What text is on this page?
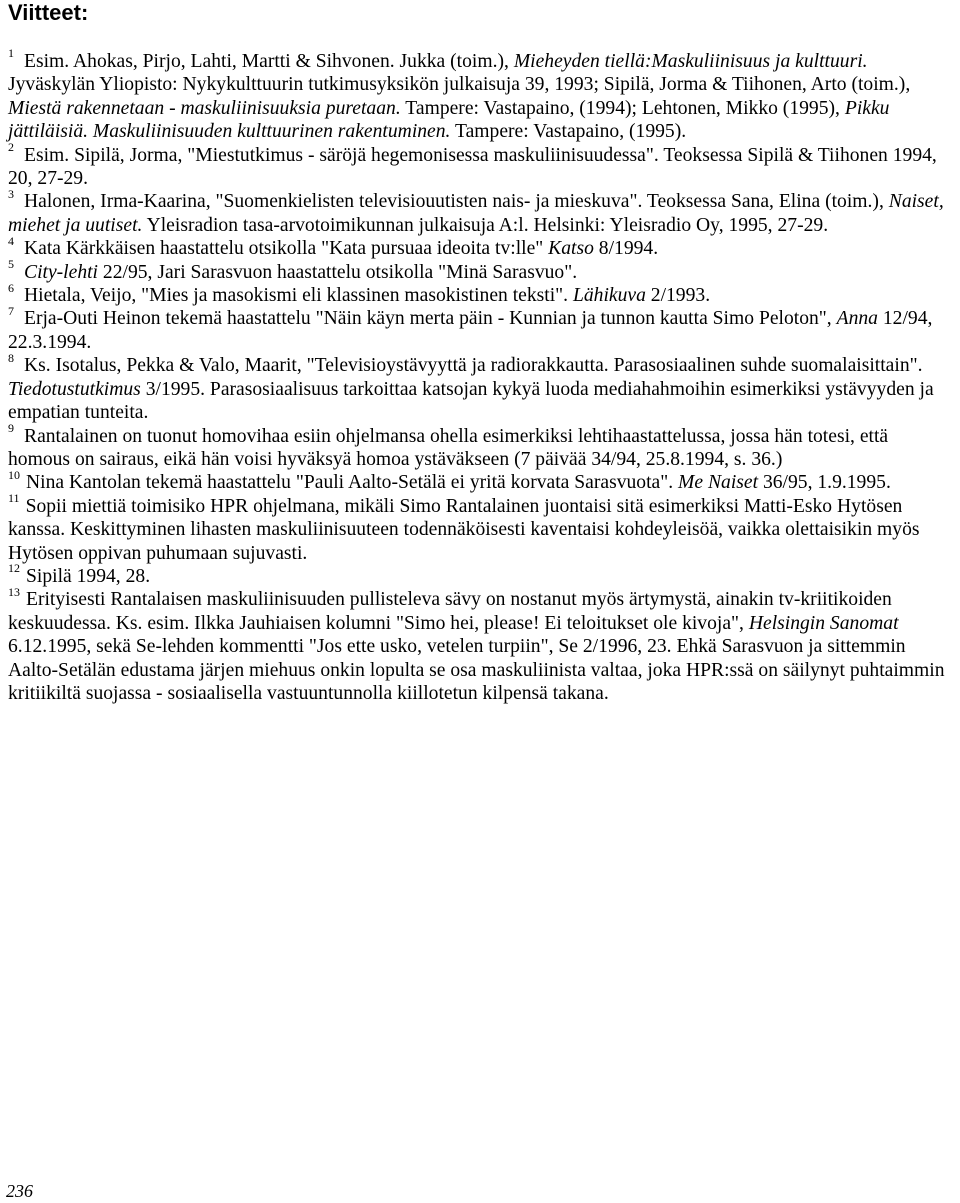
Viitteet:

$^1$ Esim. Ahokas, Pirjo, Lahti, Martti & Sihvonen. Jukka (toim.), Mieheyden tiellä:Maskuliinisuus ja kulttuuri. Jyväskylän Yliopisto: Nykykulttuurin tutkimusyksikön julkaisuja 39, 1993; Sipilä, Jorma & Tiihonen, Arto (toim.), Miestä rakennetaan - maskuliinisuuksia puretaan. Tampere: Vastapaino, (1994); Lehtonen, Mikko (1995), Pikku jättiläisiä. Maskuliinisuuden kulttuurinen rakentuminen. Tampere: Vastapaino, (1995).

$^2$ Esim. Sipilä, Jorma, "Miestutkimus - säröjä hegemonisessa maskuliinisuudessa". Teoksessa Sipilä & Tiihonen 1994, 20, 27-29.

$^3$ Halonen, Irma-Kaarina, "Suomenkielisten televisiouutisten nais- ja mieskuva". Teoksessa Sana, Elina (toim.), Naiset, miehet ja uutiset. Yleisradion tasa-arvotoimikunnan julkaisuja A:l. Helsinki: Yleisradio Oy, 1995, 27-29.

$^4$ Kata Kärkkäisen haastattelu otsikolla "Kata pursuaa ideoita tv:lle" Katso 8/1994.

$^5$ City-lehti 22/95, Jari Sarasvuon haastattelu otsikolla "Minä Sarasvuo".

$^6$ Hietala, Veijo, "Mies ja masokismi eli klassinen masokistinen teksti". Lähikuva 2/1993.

$^7$ Erja-Outi Heinon tekemä haastattelu "Näin käyn merta päin - Kunnian ja tunnon kautta Simo Peloton", Anna 12/94, 22.3.1994.

$^8$ Ks. Isotalus, Pekka & Valo, Maarit, "Televisioystävyyttä ja radiorakkautta. Parasosiaalinen suhde suomalaisittain". Tiedotustutkimus 3/1995. Parasosiaalisuus tarkoittaa katsojan kykyä luoda mediahahmoihin esimerkiksi ystävyyden ja empatian tunteita.

$^9$ Rantalainen on tuonut homovihaa esiin ohjelmansa ohella esimerkiksi lehtihaastattelussa, jossa hän totesi, että homous on sairaus, eikä hän voisi hyväksyä homoa ystäväkseen (7 päivää 34/94, 25.8.1994, s. 36.)

$^{10}$ Nina Kantolan tekemä haastattelu "Pauli Aalto-Setälä ei yritä korvata Sarasvuota". Me Naiset 36/95, 1.9.1995.

$^{11}$ Sopii miettiä toimisiko HPR ohjelmana, mikäli Simo Rantalainen juontaisi sitä esimerkiksi Matti-Esko Hytösen kanssa. Keskittyminen lihasten maskuliinisuuteen todennäköisesti kaventaisi kohdeyleisöä, vaikka olettaisikin myös Hytösen oppivan puhumaan sujuvasti.

$^{12}$ Sipilä 1994, 28.

$^{13}$ Erityisesti Rantalaisen maskuliinisuuden pullisteleva sävy on nostanut myös ärtymystä, ainakin tv-kriitikoiden keskuudessa. Ks. esim. Ilkka Jauhiaisen kolumni "Simo hei, please! Ei teloitukset ole kivoja", Helsingin Sanomat 6.12.1995, sekä Se-lehden kommentti "Jos ette usko, vetelen turpiin", Se 2/1996, 23. Ehkä Sarasvuon ja sittemmin Aalto-Setälän edustama järjen miehuus onkin lopulta se osa maskuliinista valtaa, joka HPR:ssä on säilynyt puhtaimmin kritiikiltä suojassa - sosiaalisella vastuuntunnolla kiillotetun kilpensä takana.

236
